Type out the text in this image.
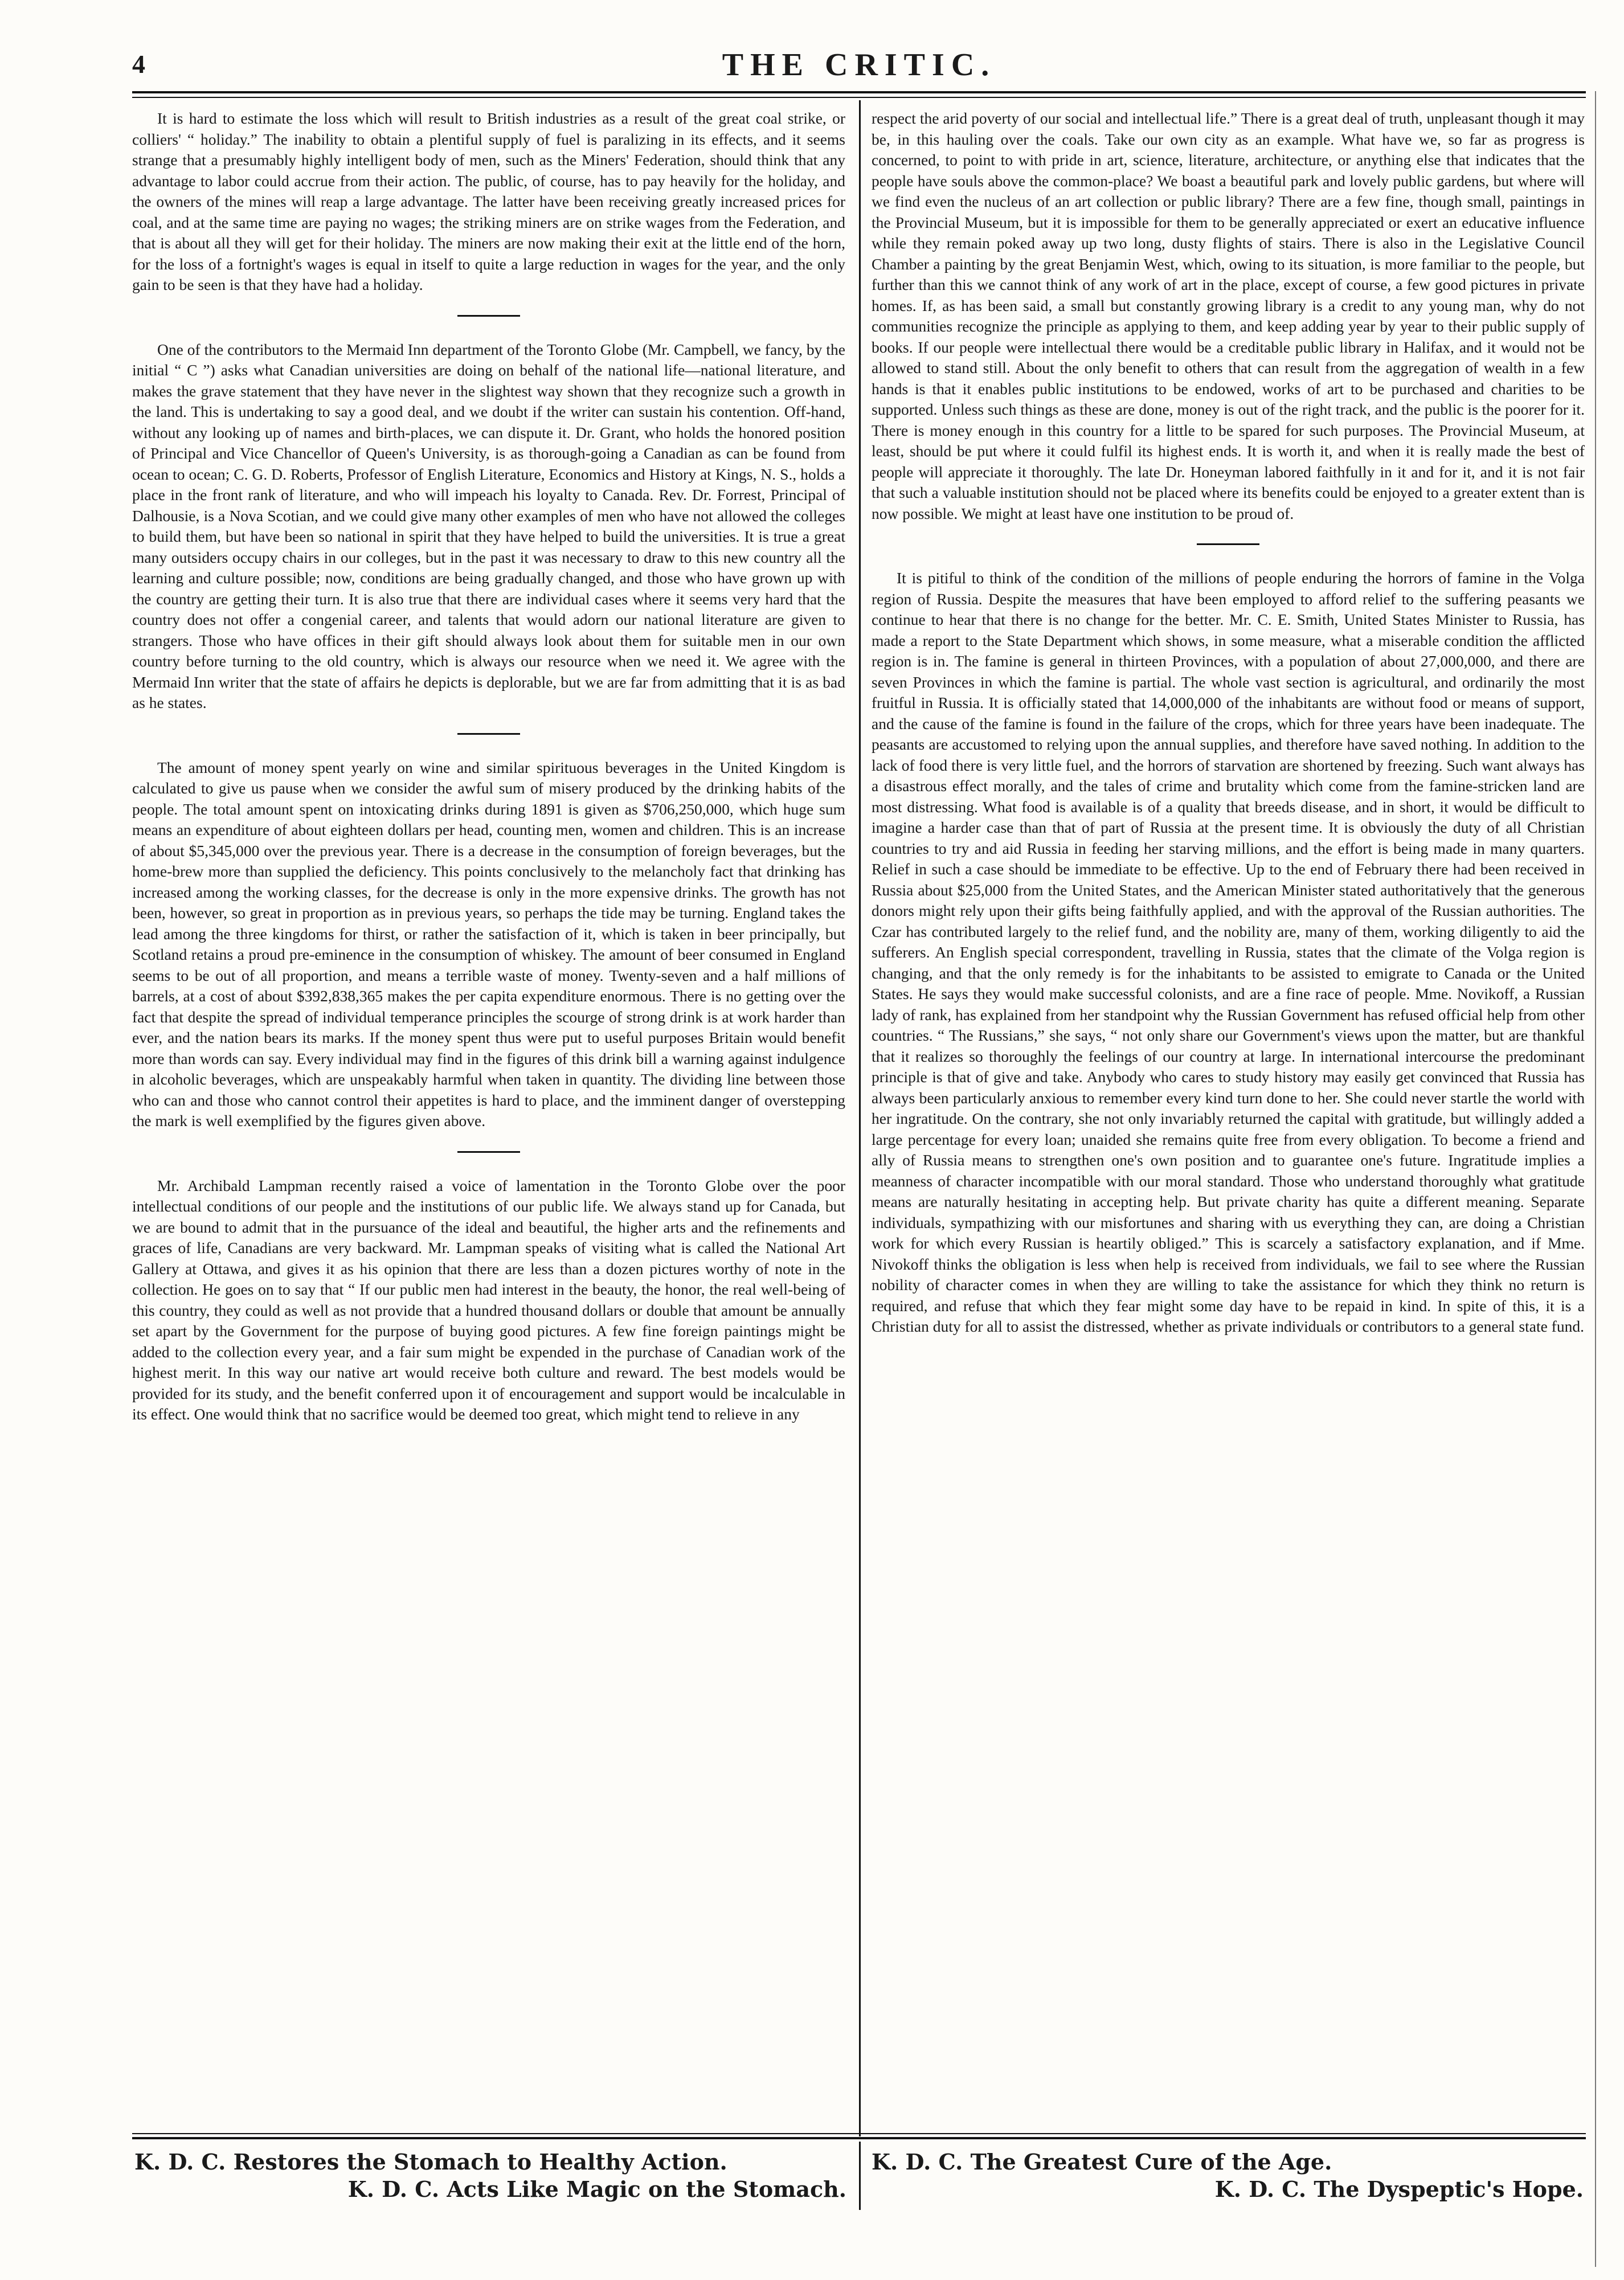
4	THE CRITIC.

It is hard to estimate the loss which will result to British industries as a result of the great coal strike, or colliers' “ holiday.” The inability to obtain a plentiful supply of fuel is paralizing in its effects, and it seems strange that a presumably highly intelligent body of men, such as the Miners' Federation, should think that any advantage to labor could accrue from their action. The public, of course, has to pay heavily for the holiday, and the owners of the mines will reap a large advantage. The latter have been receiving greatly increased prices for coal, and at the same time are paying no wages; the striking miners are on strike wages from the Federation, and that is about all they will get for their holiday. The miners are now making their exit at the little end of the horn, for the loss of a fortnight's wages is equal in itself to quite a large reduction in wages for the year, and the only gain to be seen is that they have had a holiday.

One of the contributors to the Mermaid Inn department of the Toronto Globe (Mr. Campbell, we fancy, by the initial “ C ”) asks what Canadian universities are doing on behalf of the national life—national literature, and makes the grave statement that they have never in the slightest way shown that they recognize such a growth in the land. This is undertaking to say a good deal, and we doubt if the writer can sustain his contention. Off-hand, without any looking up of names and birth-places, we can dispute it. Dr. Grant, who holds the honored position of Principal and Vice Chancellor of Queen's University, is as thorough-going a Canadian as can be found from ocean to ocean; C. G. D. Roberts, Professor of English Literature, Economics and History at Kings, N. S., holds a place in the front rank of literature, and who will impeach his loyalty to Canada. Rev. Dr. Forrest, Principal of Dalhousie, is a Nova Scotian, and we could give many other examples of men who have not allowed the colleges to build them, but have been so national in spirit that they have helped to build the universities. It is true a great many outsiders occupy chairs in our colleges, but in the past it was necessary to draw to this new country all the learning and culture possible; now, conditions are being gradually changed, and those who have grown up with the country are getting their turn. It is also true that there are individual cases where it seems very hard that the country does not offer a congenial career, and talents that would adorn our national literature are given to strangers. Those who have offices in their gift should always look about them for suitable men in our own country before turning to the old country, which is always our resource when we need it. We agree with the Mermaid Inn writer that the state of affairs he depicts is deplorable, but we are far from admitting that it is as bad as he states.

The amount of money spent yearly on wine and similar spirituous beverages in the United Kingdom is calculated to give us pause when we consider the awful sum of misery produced by the drinking habits of the people. The total amount spent on intoxicating drinks during 1891 is given as $706,250,000, which huge sum means an expenditure of about eighteen dollars per head, counting men, women and children. This is an increase of about $5,345,000 over the previous year. There is a decrease in the consumption of foreign beverages, but the home-brew more than supplied the deficiency. This points conclusively to the melancholy fact that drinking has increased among the working classes, for the decrease is only in the more expensive drinks. The growth has not been, however, so great in proportion as in previous years, so perhaps the tide may be turning. England takes the lead among the three kingdoms for thirst, or rather the satisfaction of it, which is taken in beer principally, but Scotland retains a proud pre-eminence in the consumption of whiskey. The amount of beer consumed in England seems to be out of all proportion, and means a terrible waste of money. Twenty-seven and a half millions of barrels, at a cost of about $392,838,365 makes the per capita expenditure enormous. There is no getting over the fact that despite the spread of individual temperance principles the scourge of strong drink is at work harder than ever, and the nation bears its marks. If the money spent thus were put to useful purposes Britain would benefit more than words can say. Every individual may find in the figures of this drink bill a warning against indulgence in alcoholic beverages, which are unspeakably harmful when taken in quantity. The dividing line between those who can and those who cannot control their appetites is hard to place, and the imminent danger of overstepping the mark is well exemplified by the figures given above.

Mr. Archibald Lampman recently raised a voice of lamentation in the Toronto Globe over the poor intellectual conditions of our people and the institutions of our public life. We always stand up for Canada, but we are bound to admit that in the pursuance of the ideal and beautiful, the higher arts and the refinements and graces of life, Canadians are very backward. Mr. Lampman speaks of visiting what is called the National Art Gallery at Ottawa, and gives it as his opinion that there are less than a dozen pictures worthy of note in the collection. He goes on to say that “ If our public men had interest in the beauty, the honor, the real well-being of this country, they could as well as not provide that a hundred thousand dollars or double that amount be annually set apart by the Government for the purpose of buying good pictures. A few fine foreign paintings might be added to the collection every year, and a fair sum might be expended in the purchase of Canadian work of the highest merit. In this way our native art would receive both culture and reward. The best models would be provided for its study, and the benefit conferred upon it of encouragement and support would be incalculable in its effect. One would think that no sacrifice would be deemed too great, which might tend to relieve in any

respect the arid poverty of our social and intellectual life.” There is a great deal of truth, unpleasant though it may be, in this hauling over the coals. Take our own city as an example. What have we, so far as progress is concerned, to point to with pride in art, science, literature, architecture, or anything else that indicates that the people have souls above the common-place? We boast a beautiful park and lovely public gardens, but where will we find even the nucleus of an art collection or public library? There are a few fine, though small, paintings in the Provincial Museum, but it is impossible for them to be generally appreciated or exert an educative influence while they remain poked away up two long, dusty flights of stairs. There is also in the Legislative Council Chamber a painting by the great Benjamin West, which, owing to its situation, is more familiar to the people, but further than this we cannot think of any work of art in the place, except of course, a few good pictures in private homes. If, as has been said, a small but constantly growing library is a credit to any young man, why do not communities recognize the principle as applying to them, and keep adding year by year to their public supply of books. If our people were intellectual there would be a creditable public library in Halifax, and it would not be allowed to stand still. About the only benefit to others that can result from the aggregation of wealth in a few hands is that it enables public institutions to be endowed, works of art to be purchased and charities to be supported. Unless such things as these are done, money is out of the right track, and the public is the poorer for it. There is money enough in this country for a little to be spared for such purposes. The Provincial Museum, at least, should be put where it could fulfil its highest ends. It is worth it, and when it is really made the best of people will appreciate it thoroughly. The late Dr. Honeyman labored faithfully in it and for it, and it is not fair that such a valuable institution should not be placed where its benefits could be enjoyed to a greater extent than is now possible. We might at least have one institution to be proud of.

It is pitiful to think of the condition of the millions of people enduring the horrors of famine in the Volga region of Russia. Despite the measures that have been employed to afford relief to the suffering peasants we continue to hear that there is no change for the better. Mr. C. E. Smith, United States Minister to Russia, has made a report to the State Department which shows, in some measure, what a miserable condition the afflicted region is in. The famine is general in thirteen Provinces, with a population of about 27,000,000, and there are seven Provinces in which the famine is partial. The whole vast section is agricultural, and ordinarily the most fruitful in Russia. It is officially stated that 14,000,000 of the inhabitants are without food or means of support, and the cause of the famine is found in the failure of the crops, which for three years have been inadequate. The peasants are accustomed to relying upon the annual supplies, and therefore have saved nothing. In addition to the lack of food there is very little fuel, and the horrors of starvation are shortened by freezing. Such want always has a disastrous effect morally, and the tales of crime and brutality which come from the famine-stricken land are most distressing. What food is available is of a quality that breeds disease, and in short, it would be difficult to imagine a harder case than that of part of Russia at the present time. It is obviously the duty of all Christian countries to try and aid Russia in feeding her starving millions, and the effort is being made in many quarters. Relief in such a case should be immediate to be effective. Up to the end of February there had been received in Russia about $25,000 from the United States, and the American Minister stated authoritatively that the generous donors might rely upon their gifts being faithfully applied, and with the approval of the Russian authorities. The Czar has contributed largely to the relief fund, and the nobility are, many of them, working diligently to aid the sufferers. An English special correspondent, travelling in Russia, states that the climate of the Volga region is changing, and that the only remedy is for the inhabitants to be assisted to emigrate to Canada or the United States. He says they would make successful colonists, and are a fine race of people. Mme. Novikoff, a Russian lady of rank, has explained from her standpoint why the Russian Government has refused official help from other countries. “ The Russians,” she says, “ not only share our Government's views upon the matter, but are thankful that it realizes so thoroughly the feelings of our country at large. In international intercourse the predominant principle is that of give and take. Anybody who cares to study history may easily get convinced that Russia has always been particularly anxious to remember every kind turn done to her. She could never startle the world with her ingratitude. On the contrary, she not only invariably returned the capital with gratitude, but willingly added a large percentage for every loan; unaided she remains quite free from every obligation. To become a friend and ally of Russia means to strengthen one's own position and to guarantee one's future. Ingratitude implies a meanness of character incompatible with our moral standard. Those who understand thoroughly what gratitude means are naturally hesitating in accepting help. But private charity has quite a different meaning. Separate individuals, sympathizing with our misfortunes and sharing with us everything they can, are doing a Christian work for which every Russian is heartily obliged.” This is scarcely a satisfactory explanation, and if Mme. Nivokoff thinks the obligation is less when help is received from individuals, we fail to see where the Russian nobility of character comes in when they are willing to take the assistance for which they think no return is required, and refuse that which they fear might some day have to be repaid in kind. In spite of this, it is a Christian duty for all to assist the distressed, whether as private individuals or contributors to a general state fund.

K. D. C. Restores the Stomach to Healthy Action.
K. D. C. Acts Like Magic on the Stomach.
K. D. C. The Greatest Cure of the Age.
K. D. C. The Dyspeptic's Hope.
